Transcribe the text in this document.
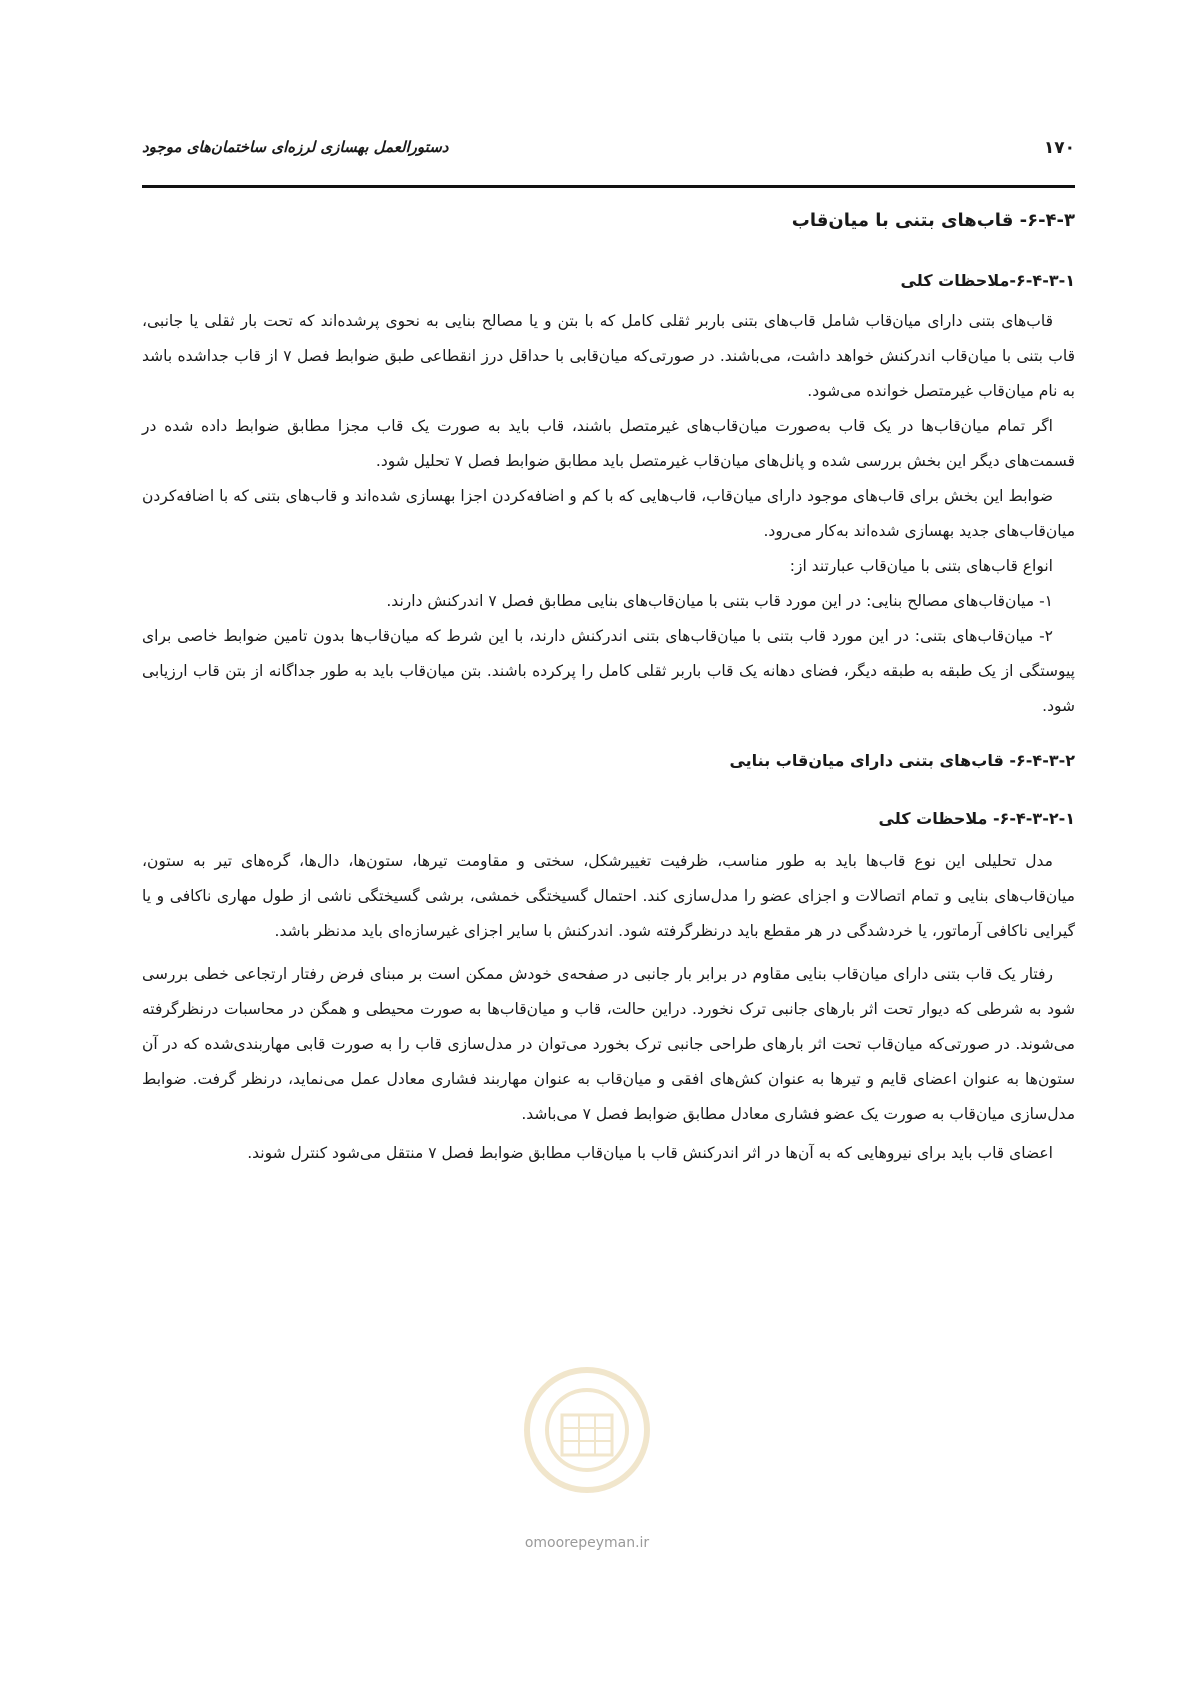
۱۷۰
دستورالعمل بهسازی لرزه‌ای ساختمان‌های موجود
۶-۴-۳- قاب‌های بتنی با میان‌قاب
۶-۴-۳-۱-ملاحظات کلی

قاب‌های بتنی دارای میان‌قاب شامل قاب‌های بتنی باربر ثقلی کامل که با بتن و یا مصالح بنایی به نحوی پرشده‌اند که تحت بار ثقلی یا جانبی، قاب بتنی با میان‌قاب اندرکنش خواهد داشت، می‌باشند. در صورتی‌که میان‌قابی با حداقل درز انقطاعی طبق ضوابط فصل ۷ از قاب جداشده باشد به نام میان‌قاب غیرمتصل خوانده می‌شود.

اگر تمام میان‌قاب‌ها در یک قاب به‌صورت میان‌قاب‌های غیرمتصل باشند، قاب باید به صورت یک قاب مجزا مطابق ضوابط داده شده در قسمت‌های دیگر این بخش بررسی شده و پانل‌های میان‌قاب غیرمتصل باید مطابق ضوابط فصل ۷ تحلیل شود.

ضوابط این بخش برای قاب‌های موجود دارای میان‌قاب، قاب‌هایی که با کم و اضافه‌کردن اجزا بهسازی شده‌اند و قاب‌های بتنی که با اضافه‌کردن میان‌قاب‌های جدید بهسازی شده‌اند به‌کار می‌رود.

انواع قاب‌های بتنی با میان‌قاب عبارتند از:

۱- میان‌قاب‌های مصالح بنایی: در این مورد قاب بتنی با میان‌قاب‌های بنایی مطابق فصل ۷ اندرکنش دارند.

۲- میان‌قاب‌های بتنی: در این مورد قاب بتنی با میان‌قاب‌های بتنی اندرکنش دارند، با این شرط که میان‌قاب‌ها بدون تامین ضوابط خاصی برای پیوستگی از یک طبقه به طبقه دیگر، فضای دهانه یک قاب باربر ثقلی کامل را پرکرده باشند. بتن میان‌قاب باید به طور جداگانه از بتن قاب ارزیابی شود.

۶-۴-۳-۲- قاب‌های بتنی دارای میان‌قاب بنایی
۶-۴-۳-۲-۱- ملاحظات کلی

مدل تحلیلی این نوع قاب‌ها باید به طور مناسب، ظرفیت تغییرشکل، سختی و مقاومت تیرها، ستون‌ها، دال‌ها، گره‌های تیر به ستون، میان‌قاب‌های بنایی و تمام اتصالات و اجزای عضو را مدل‌سازی کند. احتمال گسیختگی خمشی، برشی گسیختگی ناشی از طول مهاری ناکافی و یا گیرایی ناکافی آرماتور، یا خردشدگی در هر مقطع باید درنظرگرفته شود. اندرکنش با سایر اجزای غیرسازه‌ای باید مدنظر باشد.

رفتار یک قاب بتنی دارای میان‌قاب بنایی مقاوم در برابر بار جانبی در صفحه‌ی خودش ممکن است بر مبنای فرض رفتار ارتجاعی خطی بررسی شود به شرطی که دیوار تحت اثر بارهای جانبی ترک نخورد. دراین حالت، قاب و میان‌قاب‌ها به صورت محیطی و همگن در محاسبات درنظرگرفته می‌شوند. در صورتی‌که میان‌قاب تحت اثر بارهای طراحی جانبی ترک بخورد می‌توان در مدل‌سازی قاب را به صورت قابی مهاربندی‌شده که در آن ستون‌ها به عنوان اعضای قایم و تیرها به عنوان کش‌های افقی و میان‌قاب به عنوان مهاربند فشاری معادل عمل می‌نماید، درنظر گرفت. ضوابط مدل‌سازی میان‌قاب به صورت یک عضو فشاری معادل مطابق ضوابط فصل ۷ می‌باشد.

اعضای قاب باید برای نیروهایی که به آن‌ها در اثر اندرکنش قاب با میان‌قاب مطابق ضوابط فصل ۷ منتقل می‌شود کنترل شوند.

omoorepeyman.ir
